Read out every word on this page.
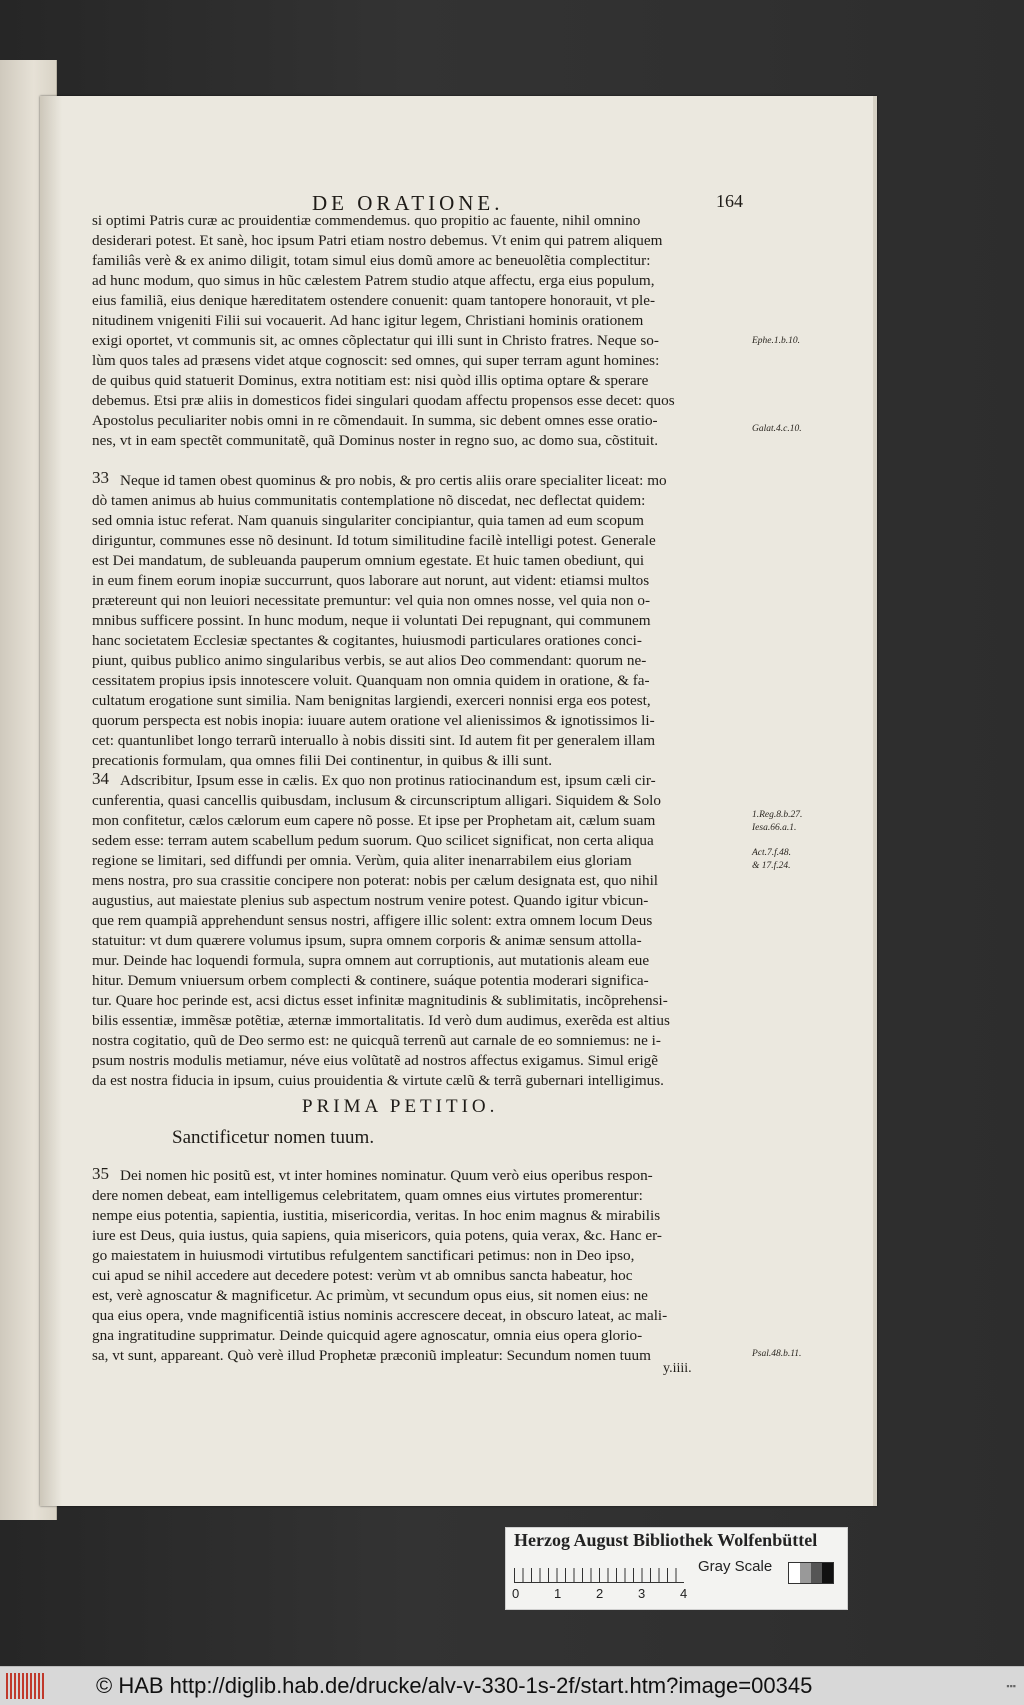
DE ORATIONE.	164
si optimi Patris curæ ac prouidentiæ commendemus. quo propitio ac fauente, nihil omnino
desiderari potest. Et sanè, hoc ipsum Patri etiam nostro debemus. Vt enim qui patrem aliquem
familiâs verè & ex animo diligit, totam simul eius domũ amore ac beneuolẽtia complectitur:
ad hunc modum, quo simus in hũc cælestem Patrem studio atque affectu, erga eius populum,
eius familiã, eius denique hæreditatem ostendere conuenit: quam tantopere honorauit, vt ple-
nitudinem vnigeniti Filii sui vocauerit. Ad hanc igitur legem, Christiani hominis orationem
exigi oportet, vt communis sit, ac omnes cõplectatur qui illi sunt in Christo fratres. Neque so-
lùm quos tales ad præsens videt atque cognoscit: sed omnes, qui super terram agunt homines:
de quibus quid statuerit Dominus, extra notitiam est: nisi quòd illis optima optare & sperare
debemus. Etsi præ aliis in domesticos fidei singulari quodam affectu propensos esse decet: quos
Apostolus peculiariter nobis omni in re cõmendauit. In summa, sic debent omnes esse oratio-
nes, vt in eam spectẽt communitatẽ, quã Dominus noster in regno suo, ac domo sua, cõstituit.
33 Neque id tamen obest quominus & pro nobis, & pro certis aliis orare specialiter liceat: mo
dò tamen animus ab huius communitatis contemplatione nõ discedat, nec deflectat quidem:
sed omnia istuc referat. Nam quanuis singulariter concipiantur, quia tamen ad eum scopum
diriguntur, communes esse nõ desinunt. Id totum similitudine facilè intelligi potest. Generale
est Dei mandatum, de subleuanda pauperum omnium egestate. Et huic tamen obediunt, qui
in eum finem eorum inopiæ succurrunt, quos laborare aut norunt, aut vident: etiamsi multos
prætereunt qui non leuiori necessitate premuntur: vel quia non omnes nosse, vel quia non o-
mnibus sufficere possint. In hunc modum, neque ii voluntati Dei repugnant, qui communem
hanc societatem Ecclesiæ spectantes & cogitantes, huiusmodi particulares orationes conci-
piunt, quibus publico animo singularibus verbis, se aut alios Deo commendant: quorum ne-
cessitatem propius ipsis innotescere voluit. Quanquam non omnia quidem in oratione, & fa-
cultatum erogatione sunt similia. Nam benignitas largiendi, exerceri nonnisi erga eos potest,
quorum perspecta est nobis inopia: iuuare autem oratione vel alienissimos & ignotissimos li-
cet: quantunlibet longo terrarũ interuallo à nobis dissiti sint. Id autem fit per generalem illam
precationis formulam, qua omnes filii Dei continentur, in quibus & illi sunt.
34 Adscribitur, Ipsum esse in cælis. Ex quo non protinus ratiocinandum est, ipsum cæli cir-
cunferentia, quasi cancellis quibusdam, inclusum & circunscriptum alligari. Siquidem & Solo
mon confitetur, cælos cælorum eum capere nõ posse. Et ipse per Prophetam ait, cælum suam
sedem esse: terram autem scabellum pedum suorum. Quo scilicet significat, non certa aliqua
regione se limitari, sed diffundi per omnia. Verùm, quia aliter inenarrabilem eius gloriam
mens nostra, pro sua crassitie concipere non poterat: nobis per cælum designata est, quo nihil
augustius, aut maiestate plenius sub aspectum nostrum venire potest. Quando igitur vbicun-
que rem quampiã apprehendunt sensus nostri, affigere illic solent: extra omnem locum Deus
statuitur: vt dum quærere volumus ipsum, supra omnem corporis & animæ sensum attolla-
mur. Deinde hac loquendi formula, supra omnem aut corruptionis, aut mutationis aleam eue
hitur. Demum vniuersum orbem complecti & continere, suáque potentia moderari significa-
tur. Quare hoc perinde est, acsi dictus esset infinitæ magnitudinis & sublimitatis, incõprehensi-
bilis essentiæ, immẽsæ potẽtiæ, æternæ immortalitatis. Id verò dum audimus, exerẽda est altius
nostra cogitatio, quũ de Deo sermo est: ne quicquã terrenũ aut carnale de eo somniemus: ne i-
psum nostris modulis metiamur, néve eius volũtatẽ ad nostros affectus exigamus. Simul erigẽ
da est nostra fiducia in ipsum, cuius prouidentia & virtute cælũ & terrã gubernari intelligimus.
PRIMA PETITIO.
Sanctificetur nomen tuum.
35 Dei nomen hic positũ est, vt inter homines nominatur. Quum verò eius operibus respon-
dere nomen debeat, eam intelligemus celebritatem, quam omnes eius virtutes promerentur:
nempe eius potentia, sapientia, iustitia, misericordia, veritas. In hoc enim magnus & mirabilis
iure est Deus, quia iustus, quia sapiens, quia misericors, quia potens, quia verax, &c. Hanc er-
go maiestatem in huiusmodi virtutibus refulgentem sanctificari petimus: non in Deo ipso,
cui apud se nihil accedere aut decedere potest: verùm vt ab omnibus sancta habeatur, hoc
est, verè agnoscatur & magnificetur. Ac primùm, vt secundum opus eius, sit nomen eius: ne
qua eius opera, vnde magnificentiã istius nominis accrescere deceat, in obscuro lateat, ac mali-
gna ingratitudine supprimatur. Deinde quicquid agere agnoscatur, omnia eius opera glorio-
sa, vt sunt, appareant. Quò verè illud Prophetæ præconiũ impleatur: Secundum nomen tuum
y.iiii.
Ephe.1.b.10.
Galat.4.c.10.
1.Reg.8.b.27.
Iesa.66.a.1.
Act.7.f.48.
& 17.f.24.
Psal.48.b.11.
Herzog August Bibliothek Wolfenbüttel
0	1	2	3	4
Gray Scale
© HAB http://diglib.hab.de/drucke/alv-v-330-1s-2f/start.htm?image=00345	▪▪▪
